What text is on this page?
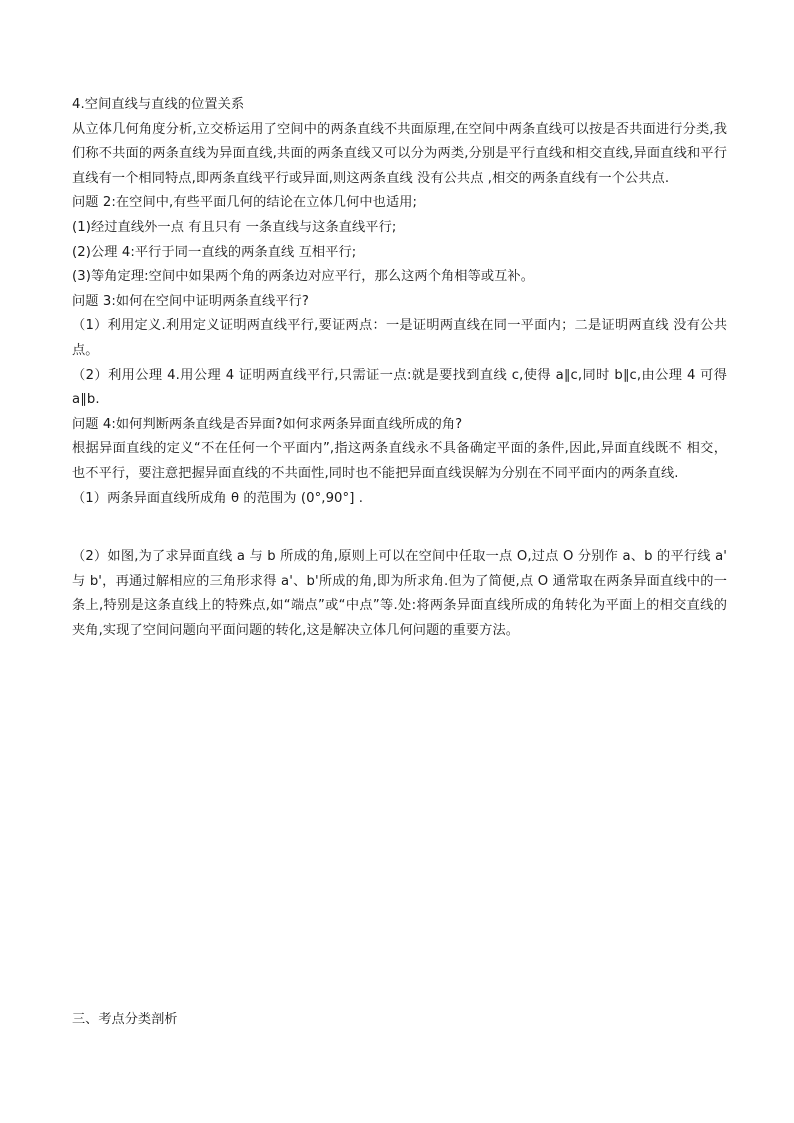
4.空间直线与直线的位置关系
从立体几何角度分析,立交桥运用了空间中的两条直线不共面原理,在空间中两条直线可以按是否共面进行分类,我们称不共面的两条直线为异面直线,共面的两条直线又可以分为两类,分别是平行直线和相交直线,异面直线和平行直线有一个相同特点,即两条直线平行或异面,则这两条直线 没有公共点 ,相交的两条直线有一个公共点.
问题 2:在空间中,有些平面几何的结论在立体几何中也适用;
(1)经过直线外一点 有且只有 一条直线与这条直线平行;
(2)公理 4:平行于同一直线的两条直线 互相平行;
(3)等角定理:空间中如果两个角的两条边对应平行，那么这两个角相等或互补。
问题 3:如何在空间中证明两条直线平行?
（1）利用定义.利用定义证明两直线平行,要证两点：一是证明两直线在同一平面内；二是证明两直线 没有公共点。
（2）利用公理 4.用公理 4 证明两直线平行,只需证一点:就是要找到直线 c,使得 a∥c,同时 b∥c,由公理 4 可得 a∥b.
问题 4:如何判断两条直线是否异面?如何求两条异面直线所成的角?
根据异面直线的定义“不在任何一个平面内”,指这两条直线永不具备确定平面的条件,因此,异面直线既不 相交，也不平行，要注意把握异面直线的不共面性,同时也不能把异面直线误解为分别在不同平面内的两条直线.
（1）两条异面直线所成角 θ 的范围为 (0°,90°] .
（2）如图,为了求异面直线 a 与 b 所成的角,原则上可以在空间中任取一点 O,过点 O 分别作 a、b 的平行线 a' 与 b'，再通过解相应的三角形求得 a'、b'所成的角,即为所求角.但为了简便,点 O 通常取在两条异面直线中的一条上,特别是这条直线上的特殊点,如“端点”或“中点”等.处:将两条异面直线所成的角转化为平面上的相交直线的夹角,实现了空间问题向平面问题的转化,这是解决立体几何问题的重要方法。
三、考点分类剖析
